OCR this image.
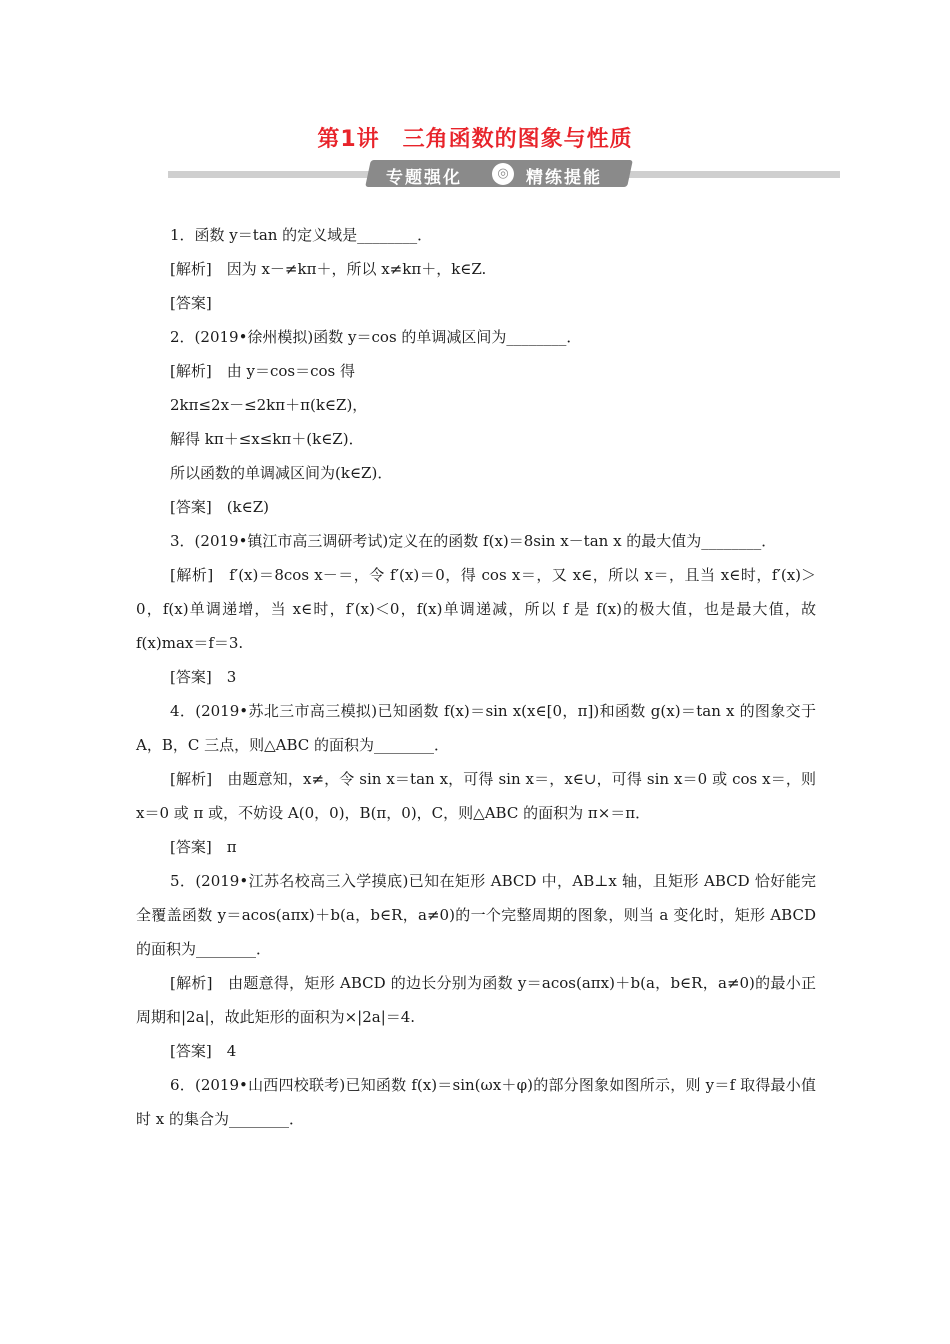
第1讲　三角函数的图象与性质
专题强化	◎	精练提能

1．函数 y＝tan 的定义域是________．

[解析]　因为 x－≠kπ＋，所以 x≠kπ＋，k∈Z.

[答案]

2．(2019•徐州模拟)函数 y＝cos 的单调减区间为________．

[解析]　由 y＝cos＝cos 得

2kπ≤2x－≤2kπ＋π(k∈Z)，

解得 kπ＋≤x≤kπ＋(k∈Z)．

所以函数的单调减区间为(k∈Z)．

[答案]　(k∈Z)

3．(2019•镇江市高三调研考试)定义在的函数 f(x)＝8sin x－tan x 的最大值为________．

[解析]　f′(x)＝8cos x－＝，令 f′(x)＝0，得 cos x＝，又 x∈，所以 x＝，且当 x∈时，f′(x)＞0，f(x)单调递增，当 x∈时，f′(x)＜0，f(x)单调递减，所以 f 是 f(x)的极大值，也是最大值，故 f(x)max＝f＝3.

[答案]　3

4．(2019•苏北三市高三模拟)已知函数 f(x)＝sin x(x∈[0，π])和函数 g(x)＝tan x 的图象交于 A，B，C 三点，则△ABC 的面积为________．

[解析]　由题意知，x≠，令 sin x＝tan x，可得 sin x＝，x∈∪，可得 sin x＝0 或 cos x＝，则 x＝0 或 π 或，不妨设 A(0，0)，B(π，0)，C，则△ABC 的面积为 π×＝π．

[答案]　π

5．(2019•江苏名校高三入学摸底)已知在矩形 ABCD 中，AB⊥x 轴，且矩形 ABCD 恰好能完全覆盖函数 y＝acos(aπx)＋b(a，b∈R，a≠0)的一个完整周期的图象，则当 a 变化时，矩形 ABCD 的面积为________．

[解析]　由题意得，矩形 ABCD 的边长分别为函数 y＝acos(aπx)＋b(a，b∈R，a≠0)的最小正周期和|2a|，故此矩形的面积为×|2a|＝4.

[答案]　4

6．(2019•山西四校联考)已知函数 f(x)＝sin(ωx＋φ)的部分图象如图所示，则 y＝f 取得最小值时 x 的集合为________．
